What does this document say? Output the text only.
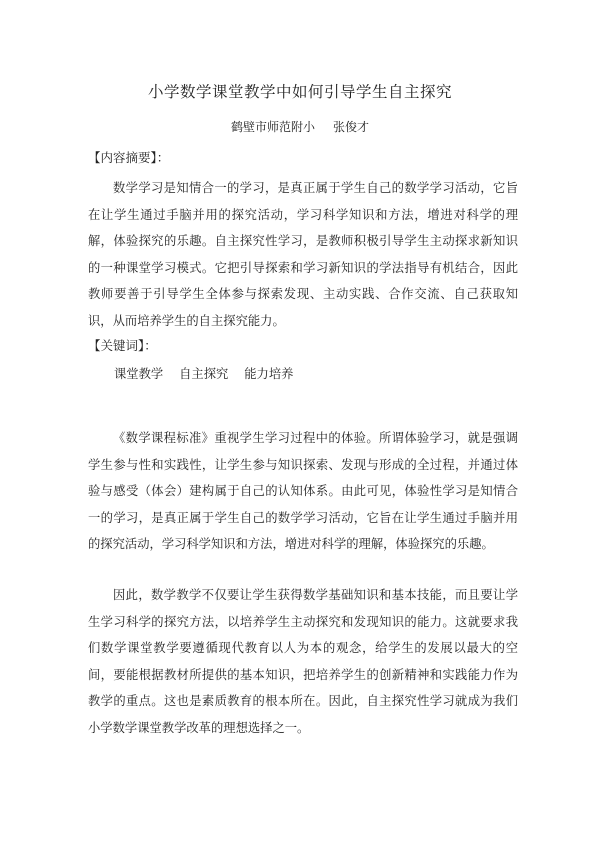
小学数学课堂教学中如何引导学生自主探究
鹤壁市师范附小 张俊才
【内容摘要】：

数学学习是知情合一的学习，是真正属于学生自己的数学学习活动，它旨在让学生通过手脑并用的探究活动，学习科学知识和方法，增进对科学的理解，体验探究的乐趣。自主探究性学习，是教师积极引导学生主动探求新知识的一种课堂学习模式。它把引导探索和学习新知识的学法指导有机结合，因此教师要善于引导学生全体参与探索发现、主动实践、合作交流、自己获取知识，从而培养学生的自主探究能力。

【关键词】：
课堂教学 自主探究 能力培养

《数学课程标准》重视学生学习过程中的体验。所谓体验学习，就是强调学生参与性和实践性，让学生参与知识探索、发现与形成的全过程，并通过体验与感受（体会）建构属于自己的认知体系。由此可见，体验性学习是知情合一的学习，是真正属于学生自己的数学学习活动，它旨在让学生通过手脑并用的探究活动，学习科学知识和方法，增进对科学的理解，体验探究的乐趣。

因此，数学教学不仅要让学生获得数学基础知识和基本技能，而且要让学生学习科学的探究方法，以培养学生主动探究和发现知识的能力。这就要求我们数学课堂教学要遵循现代教育以人为本的观念，给学生的发展以最大的空间，要能根据教材所提供的基本知识，把培养学生的创新精神和实践能力作为教学的重点。这也是素质教育的根本所在。因此，自主探究性学习就成为我们小学数学课堂教学改革的理想选择之一。
